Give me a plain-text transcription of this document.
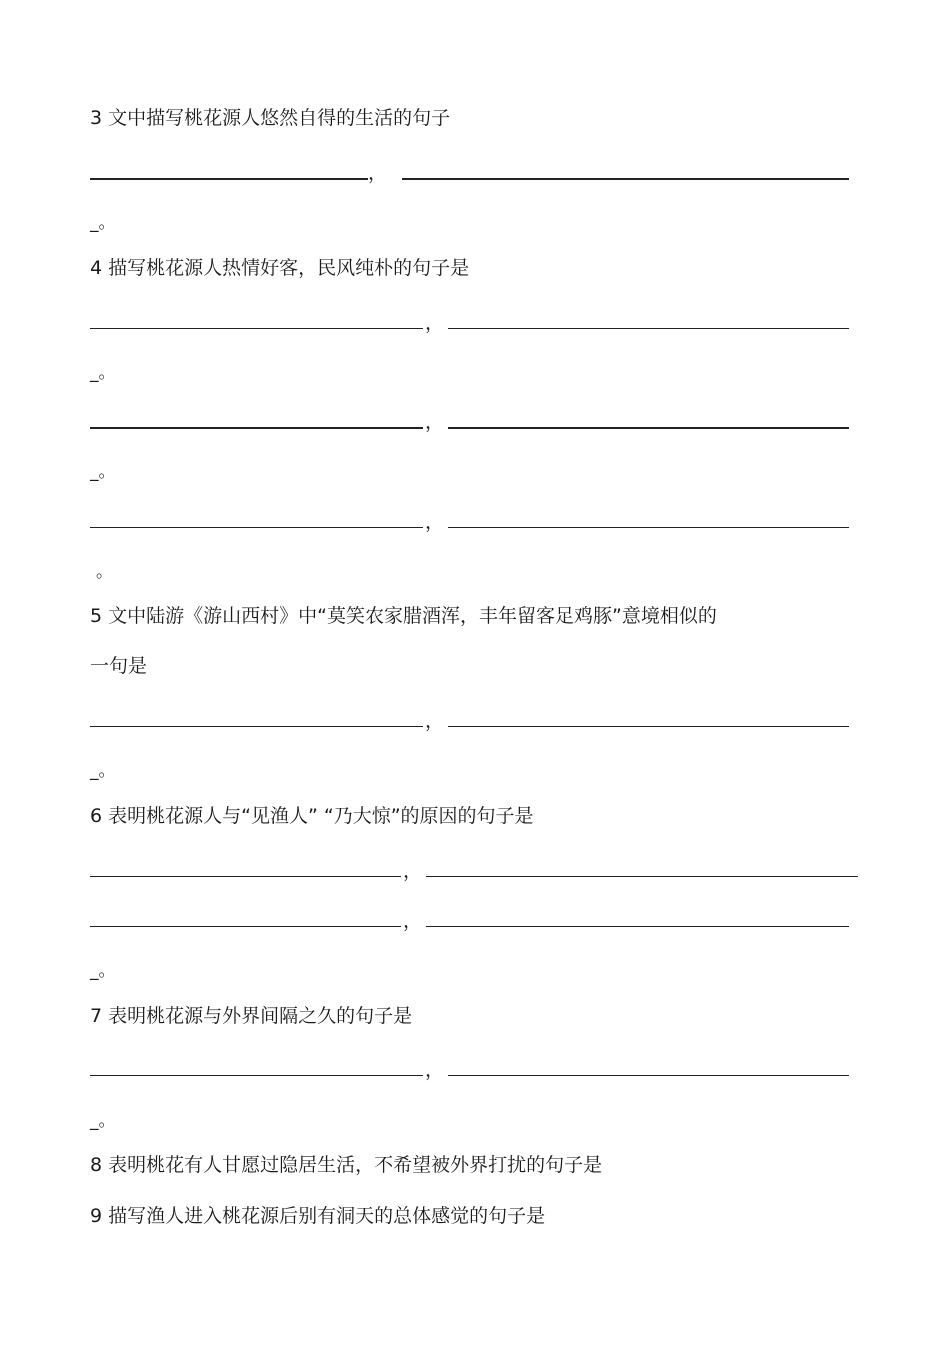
3 文中描写桃花源人悠然自得的生活的句子
，
_。
4 描写桃花源人热情好客，民风纯朴的句子是
，
_。
，
_。
，
。
5 文中陆游《游山西村》中“莫笑农家腊酒浑，丰年留客足鸡豚”意境相似的
一句是
，
_。
6 表明桃花源人与“见渔人” “乃大惊”的原因的句子是
，
，
_。
7 表明桃花源与外界间隔之久的句子是
，
_。
8 表明桃花有人甘愿过隐居生活，不希望被外界打扰的句子是
9 描写渔人进入桃花源后别有洞天的总体感觉的句子是
